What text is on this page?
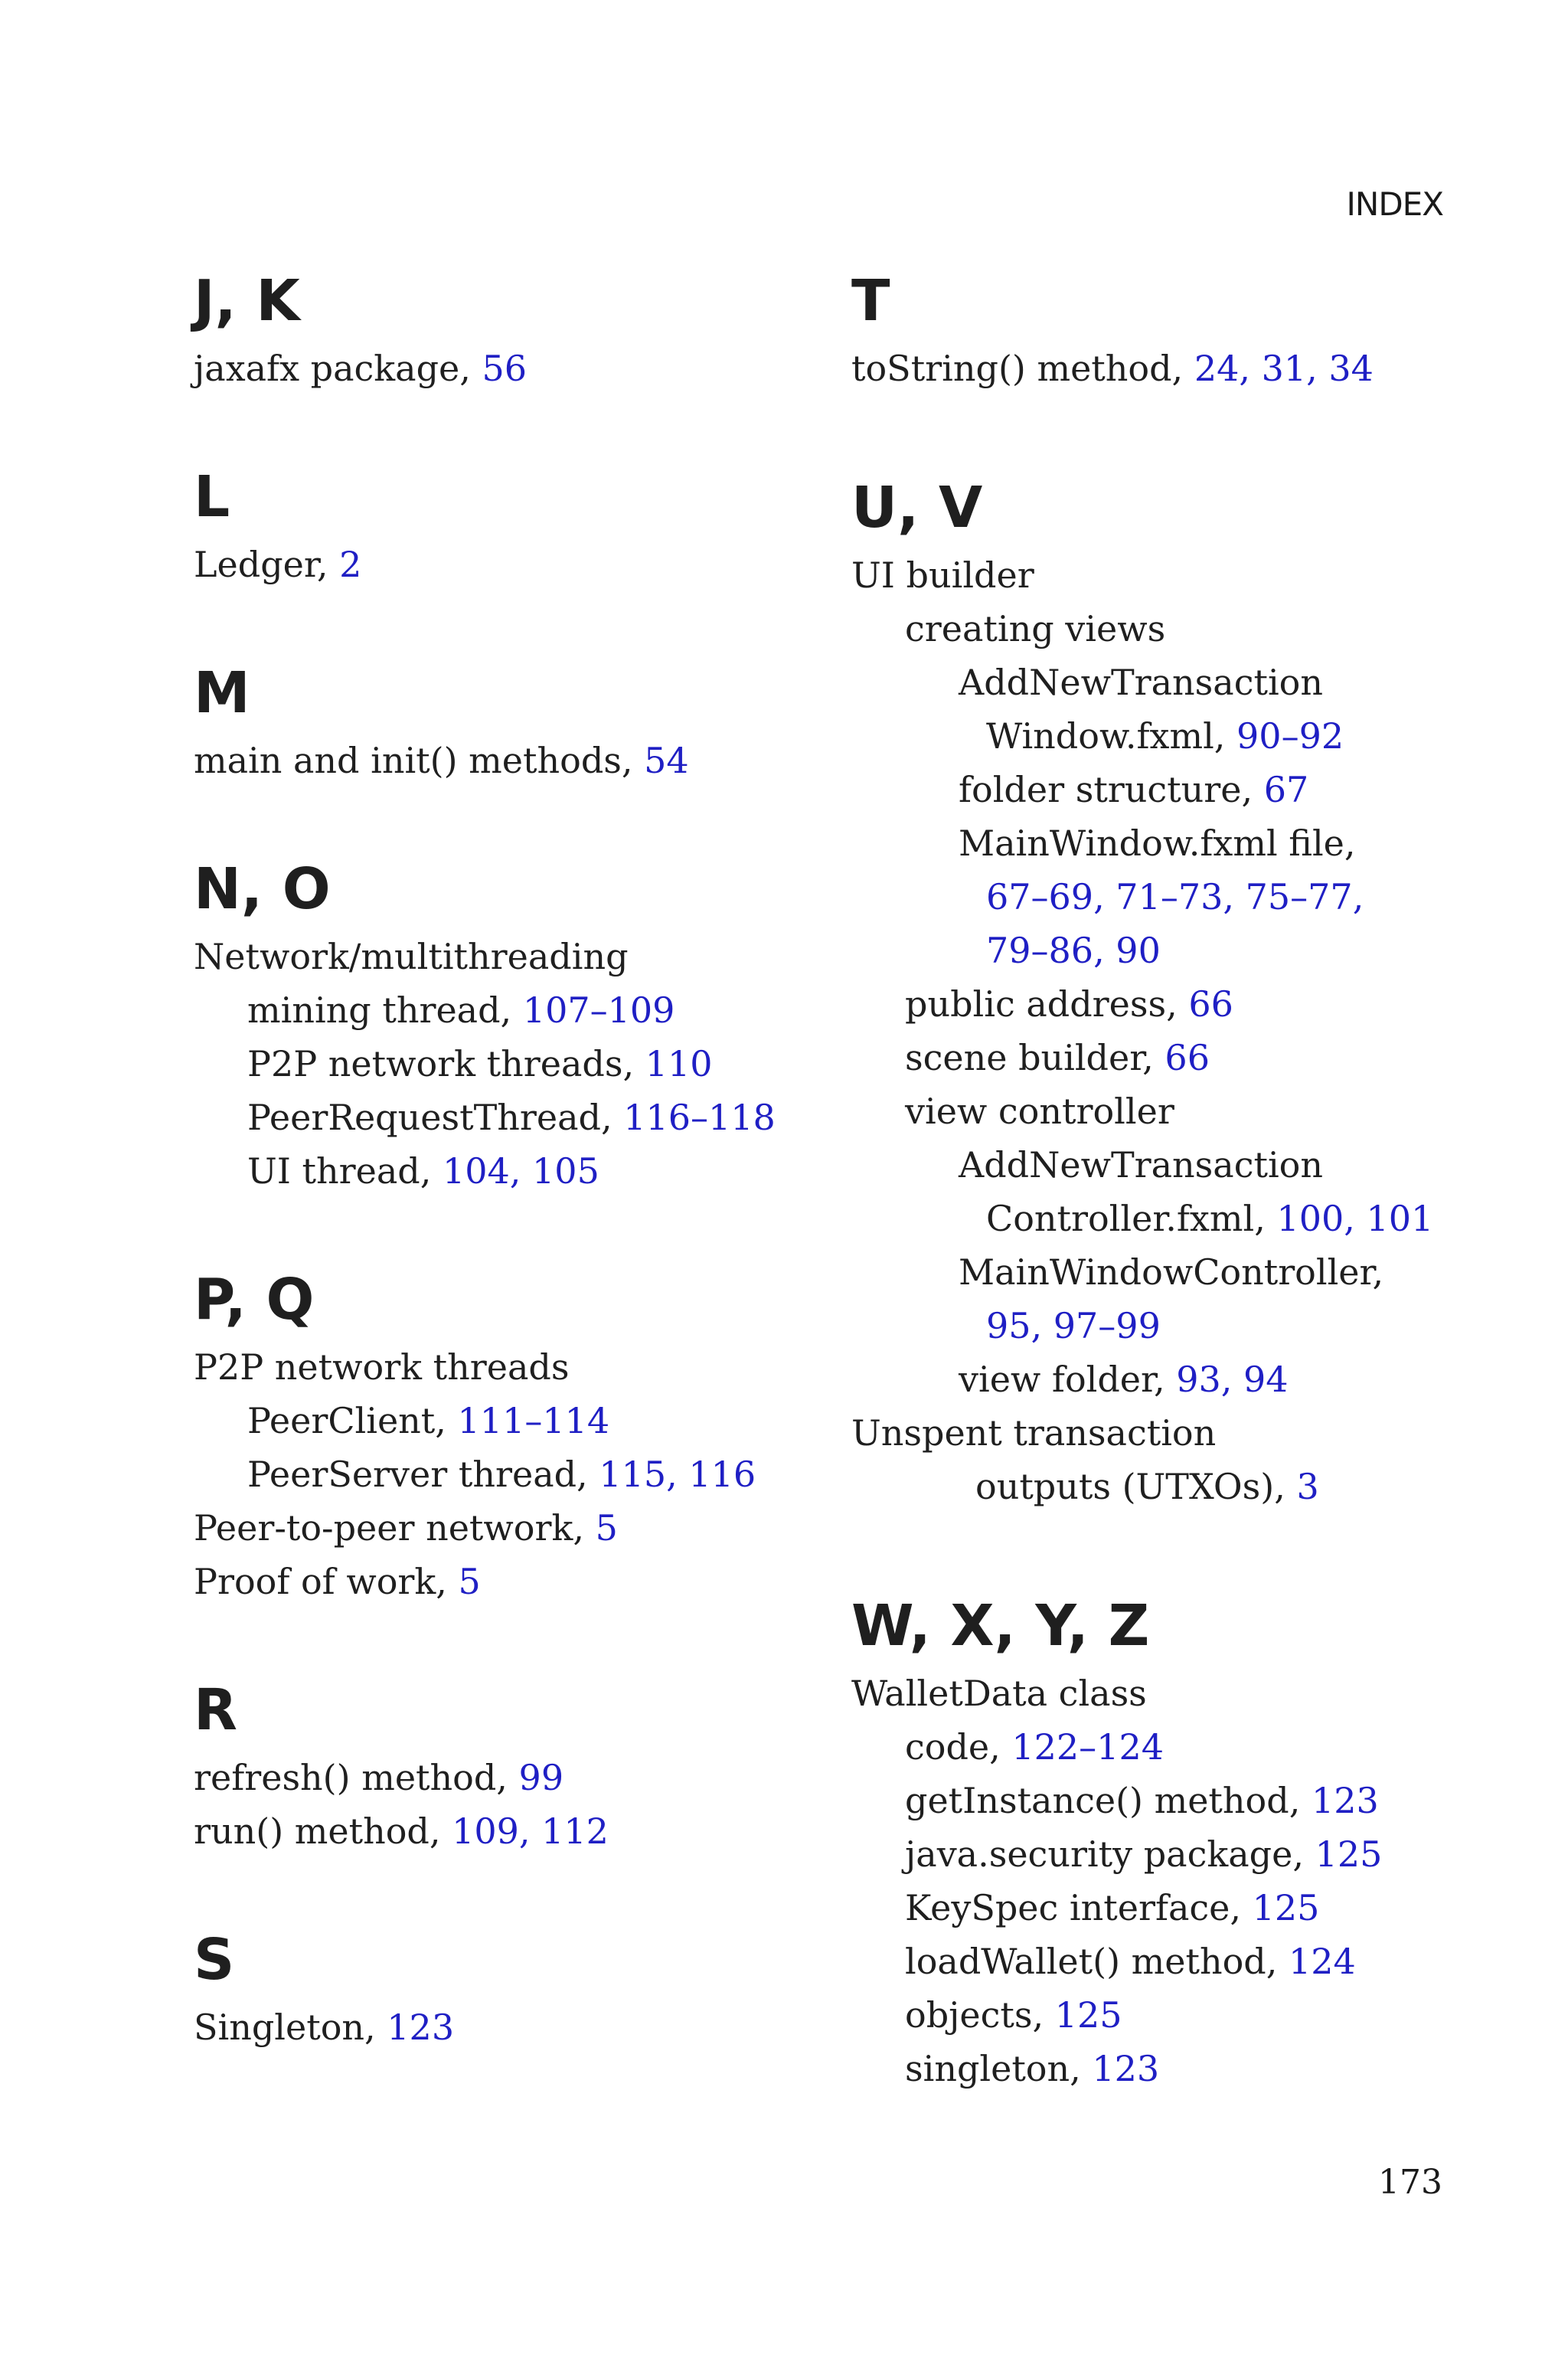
INDEX
J, K
jaxafx package, 56
L
Ledger, 2
M
main and init() methods, 54
N, O
Network/multithreading
mining thread, 107–109
P2P network threads, 110
PeerRequestThread, 116–118
UI thread, 104, 105
P, Q
P2P network threads
PeerClient, 111–114
PeerServer thread, 115, 116
Peer-to-peer network, 5
Proof of work, 5
R
refresh() method, 99
run() method, 109, 112
S
Singleton, 123
T
toString() method, 24, 31, 34
U, V
UI builder
creating views
AddNewTransaction
Window.fxml, 90–92
folder structure, 67
MainWindow.fxml file,
67–69, 71–73, 75–77,
79–86, 90
public address, 66
scene builder, 66
view controller
AddNewTransaction
Controller.fxml, 100, 101
MainWindowController,
95, 97–99
view folder, 93, 94
Unspent transaction
outputs (UTXOs), 3
W, X, Y, Z
WalletData class
code, 122–124
getInstance() method, 123
java.security package, 125
KeySpec interface, 125
loadWallet() method, 124
objects, 125
singleton, 123
173
